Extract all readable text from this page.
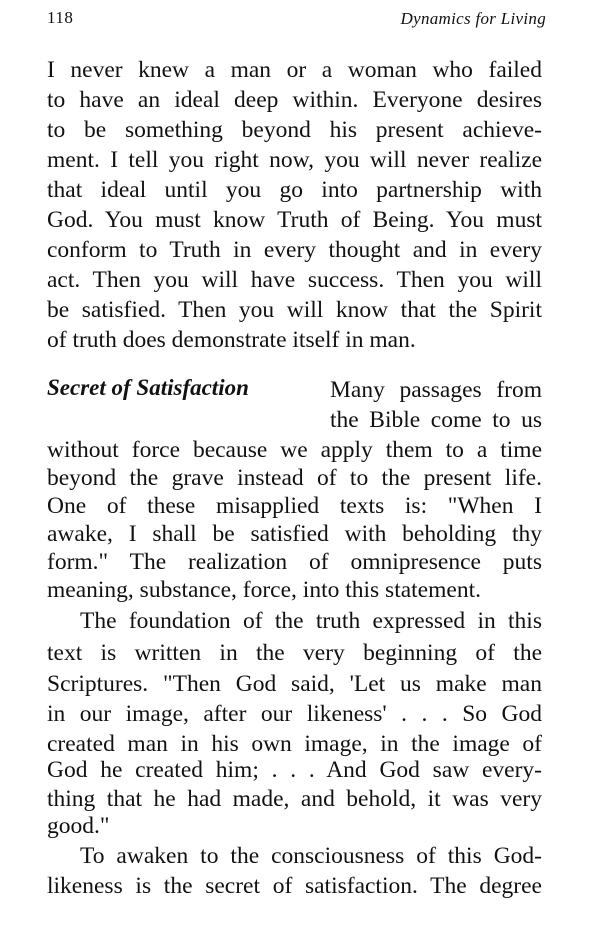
118	Dynamics for Living
I never knew a man or a woman who failed
to have an ideal deep within. Everyone desires
to be something beyond his present achieve-
ment. I tell you right now, you will never realize
that ideal until you go into partnership with
God. You must know Truth of Being. You must
conform to Truth in every thought and in every
act. Then you will have success. Then you will
be satisfied. Then you will know that the Spirit
of truth does demonstrate itself in man.
Secret of Satisfaction	Many passages from
the Bible come to us
without force because we apply them to a time
beyond the grave instead of to the present life.
One of these misapplied texts is: "When I
awake, I shall be satisfied with beholding thy
form." The realization of omnipresence puts
meaning, substance, force, into this statement.
The foundation of the truth expressed in this
text is written in the very beginning of the
Scriptures. "Then God said, 'Let us make man
in our image, after our likeness' . . . So God
created man in his own image, in the image of
God he created him; . . . And God saw every-
thing that he had made, and behold, it was very
good."
To awaken to the consciousness of this God-
likeness is the secret of satisfaction. The degree
